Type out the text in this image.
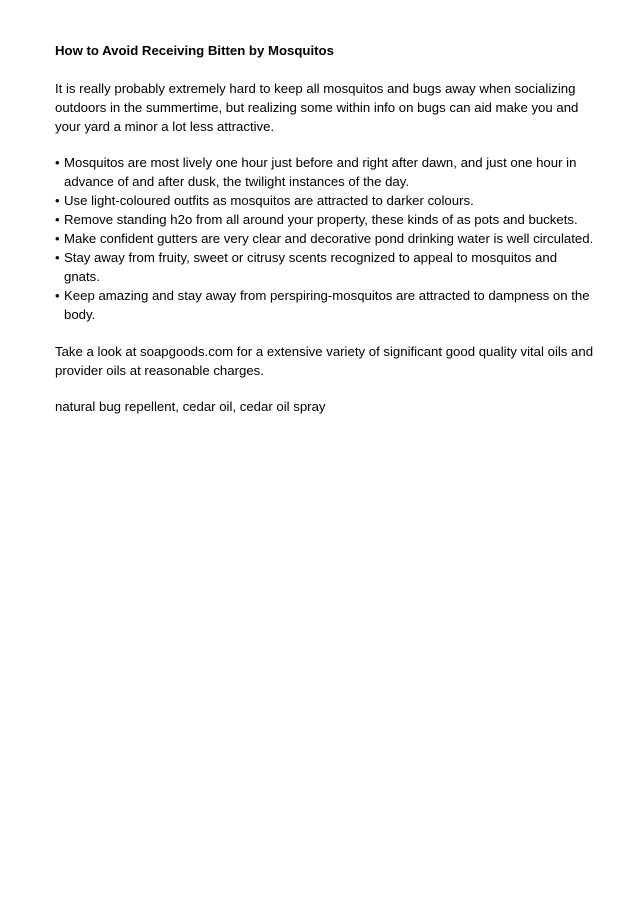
How to Avoid Receiving Bitten by Mosquitos
It is really probably extremely hard to keep all mosquitos and bugs away when socializing outdoors in the summertime, but realizing some within info on bugs can aid make you and your yard a minor a lot less attractive.
• Mosquitos are most lively one hour just before and right after dawn, and just one hour in advance of and after dusk, the twilight instances of the day.
• Use light-coloured outfits as mosquitos are attracted to darker colours.
• Remove standing h2o from all around your property, these kinds of as pots and buckets.
• Make confident gutters are very clear and decorative pond drinking water is well circulated.
• Stay away from fruity, sweet or citrusy scents recognized to appeal to mosquitos and gnats.
• Keep amazing and stay away from perspiring-mosquitos are attracted to dampness on the body.
Take a look at soapgoods.com for a extensive variety of significant good quality vital oils and provider oils at reasonable charges.
natural bug repellent, cedar oil, cedar oil spray
